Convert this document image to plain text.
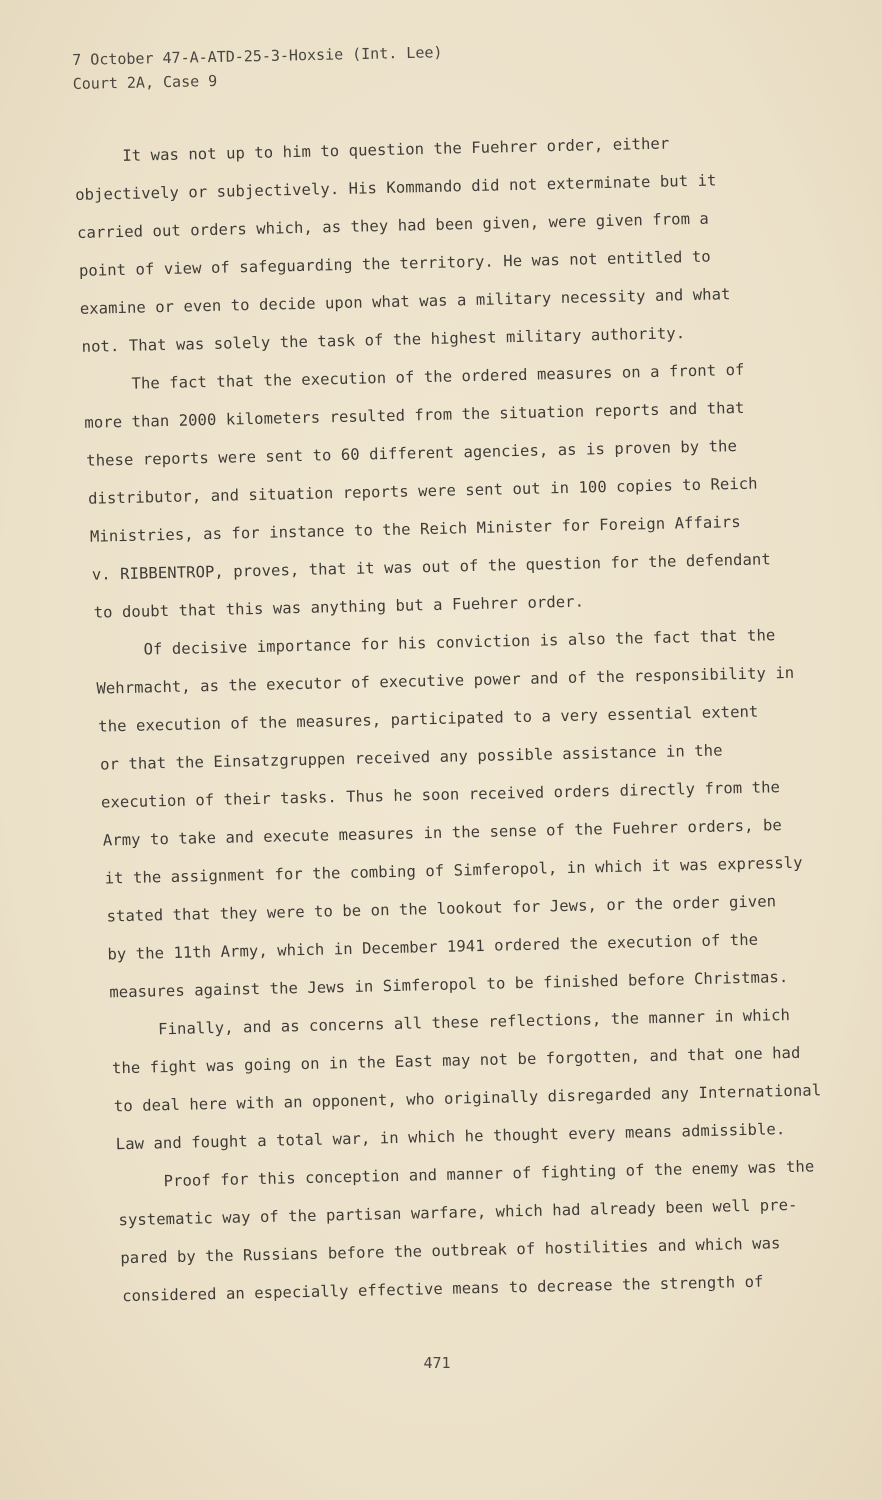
7 October 47-A-ATD-25-3-Hoxsie (Int. Lee)
Court 2A, Case 9
It was not up to him to question the Fuehrer order, either
objectively or subjectively. His Kommando did not exterminate but it
carried out orders which, as they had been given, were given from a
point of view of safeguarding the territory. He was not entitled to
examine or even to decide upon what was a military necessity and what
not. That was solely the task of the highest military authority.
The fact that the execution of the ordered measures on a front of
more than 2000 kilometers resulted from the situation reports and that
these reports were sent to 60 different agencies, as is proven by the
distributor, and situation reports were sent out in 100 copies to Reich
Ministries, as for instance to the Reich Minister for Foreign Affairs
v. RIBBENTROP, proves, that it was out of the question for the defendant
to doubt that this was anything but a Fuehrer order.
Of decisive importance for his conviction is also the fact that the
Wehrmacht, as the executor of executive power and of the responsibility in
the execution of the measures, participated to a very essential extent
or that the Einsatzgruppen received any possible assistance in the
execution of their tasks. Thus he soon received orders directly from the
Army to take and execute measures in the sense of the Fuehrer orders, be
it the assignment for the combing of Simferopol, in which it was expressly
stated that they were to be on the lookout for Jews, or the order given
by the 11th Army, which in December 1941 ordered the execution of the
measures against the Jews in Simferopol to be finished before Christmas.
Finally, and as concerns all these reflections, the manner in which
the fight was going on in the East may not be forgotten, and that one had
to deal here with an opponent, who originally disregarded any International
Law and fought a total war, in which he thought every means admissible.
Proof for this conception and manner of fighting of the enemy was the
systematic way of the partisan warfare, which had already been well pre-
pared by the Russians before the outbreak of hostilities and which was
considered an especially effective means to decrease the strength of
471
